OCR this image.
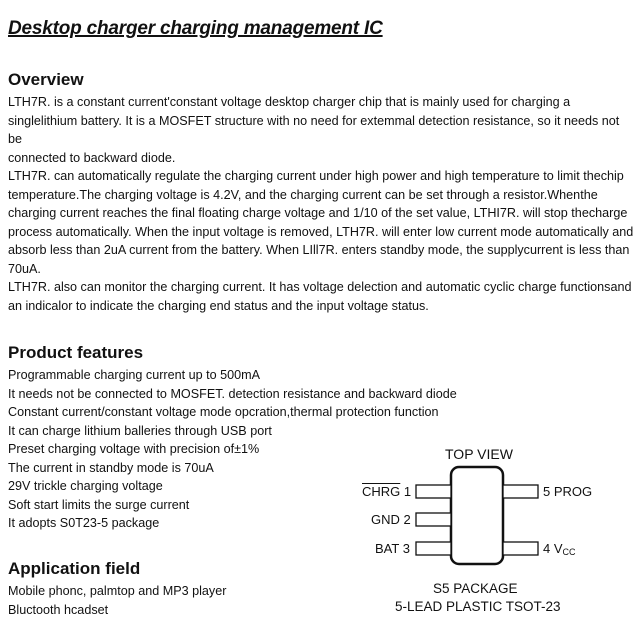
Desktop charger charging management IC
Overview

LTH7R. is a constant current'constant voltage desktop charger chip that is mainly used for charging a singlelithium battery. It is a MOSFET structure with no need for extemmal detection resistance, so it needs not be

connected to backward diode.

LTH7R. can automatically regulate the charging current under high power and high temperature to limit thechip temperature.The charging voltage is 4.2V, and the charging current can be set through a resistor.Whenthe charging current reaches the final floating charge voltage and 1/10 of the set value, LTHI7R. will stop thecharge process automatically. When the input voltage is removed, LTH7R. will enter low current mode automatically and absorb less than 2uA current from the battery. When LIll7R. enters standby mode, the supplycurrent is less than 70uA.

LTH7R. also can monitor the charging current. It has voltage delection and automatic cyclic charge functionsand an indicalor to indicate the charging end status and the input voltage status.

Product features
Programmable charging current up to 500mA
It needs not be connected to MOSFET. detection resistance and backward diode
Constant current/constant voltage mode opcration,thermal protection function
It can charge lithium balleries through USB port
Preset charging voltage with precision of±1%
The current in standby mode is 70uA
29V trickle charging voltage
Soft start limits the surge current
It adopts S0T23-5 package
Application field
Mobile phonc, palmtop and MP3 player
Bluctooth hcadset
TOP VIEW
CHRG 1
GND 2
BAT 3
5 PROG
4 $V_{CC}$
S5 PACKAGE
5-LEAD PLASTIC TSOT-23
